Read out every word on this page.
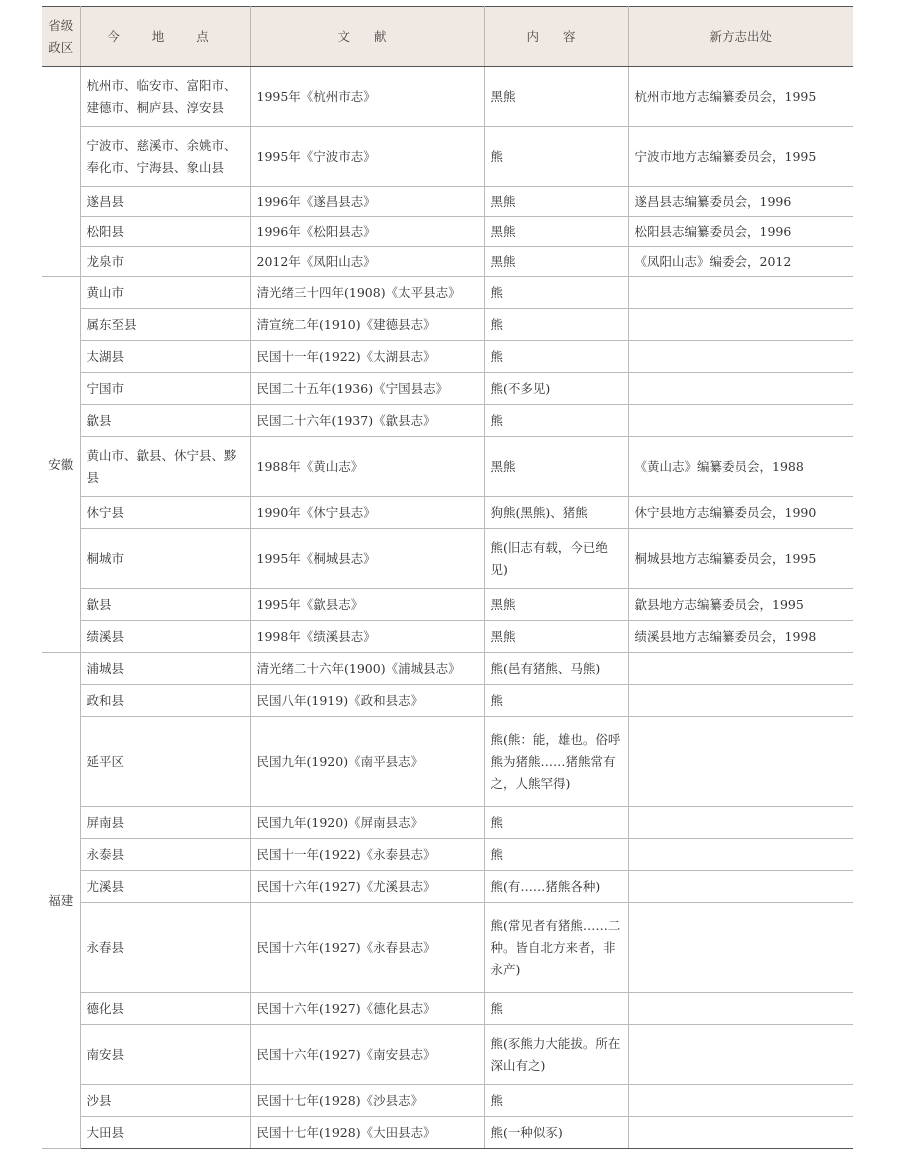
省级政区	今 地 点	文 献	内 容	新方志出处
	杭州市、临安市、富阳市、建德市、桐庐县、淳安县	1995年《杭州市志》	黑熊	杭州市地方志编纂委员会，1995
	宁波市、慈溪市、余姚市、奉化市、宁海县、象山县	1995年《宁波市志》	熊	宁波市地方志编纂委员会，1995
	遂昌县	1996年《遂昌县志》	黑熊	遂昌县志编纂委员会，1996
	松阳县	1996年《松阳县志》	黑熊	松阳县志编纂委员会，1996
	龙泉市	2012年《凤阳山志》	黑熊	《凤阳山志》编委会，2012
安徽	黄山市	清光绪三十四年(1908)《太平县志》	熊	
	属东至县	清宣统二年(1910)《建德县志》	熊	
	太湖县	民国十一年(1922)《太湖县志》	熊	
	宁国市	民国二十五年(1936)《宁国县志》	熊(不多见)	
	歙县	民国二十六年(1937)《歙县志》	熊	
	黄山市、歙县、休宁县、黟县	1988年《黄山志》	黑熊	《黄山志》编纂委员会，1988
	休宁县	1990年《休宁县志》	狗熊(黑熊)、猪熊	休宁县地方志编纂委员会，1990
	桐城市	1995年《桐城县志》	熊(旧志有载，今已绝见)	桐城县地方志编纂委员会，1995
	歙县	1995年《歙县志》	黑熊	歙县地方志编纂委员会，1995
	绩溪县	1998年《绩溪县志》	黑熊	绩溪县地方志编纂委员会，1998
福建	浦城县	清光绪二十六年(1900)《浦城县志》	熊(邑有猪熊、马熊)	
	政和县	民国八年(1919)《政和县志》	熊	
	延平区	民国九年(1920)《南平县志》	熊(熊：能，雄也。俗呼熊为猪熊……猪熊常有之，人熊罕得)	
	屏南县	民国九年(1920)《屏南县志》	熊	
	永泰县	民国十一年(1922)《永泰县志》	熊	
	尤溪县	民国十六年(1927)《尤溪县志》	熊(有……猪熊各种)	
	永春县	民国十六年(1927)《永春县志》	熊(常见者有猪熊……二种。皆自北方来者，非永产)	
	德化县	民国十六年(1927)《德化县志》	熊	
	南安县	民国十六年(1927)《南安县志》	熊(豕熊力大能拔。所在深山有之)	
	沙县	民国十七年(1928)《沙县志》	熊	
	大田县	民国十七年(1928)《大田县志》	熊(一种似豕)	
